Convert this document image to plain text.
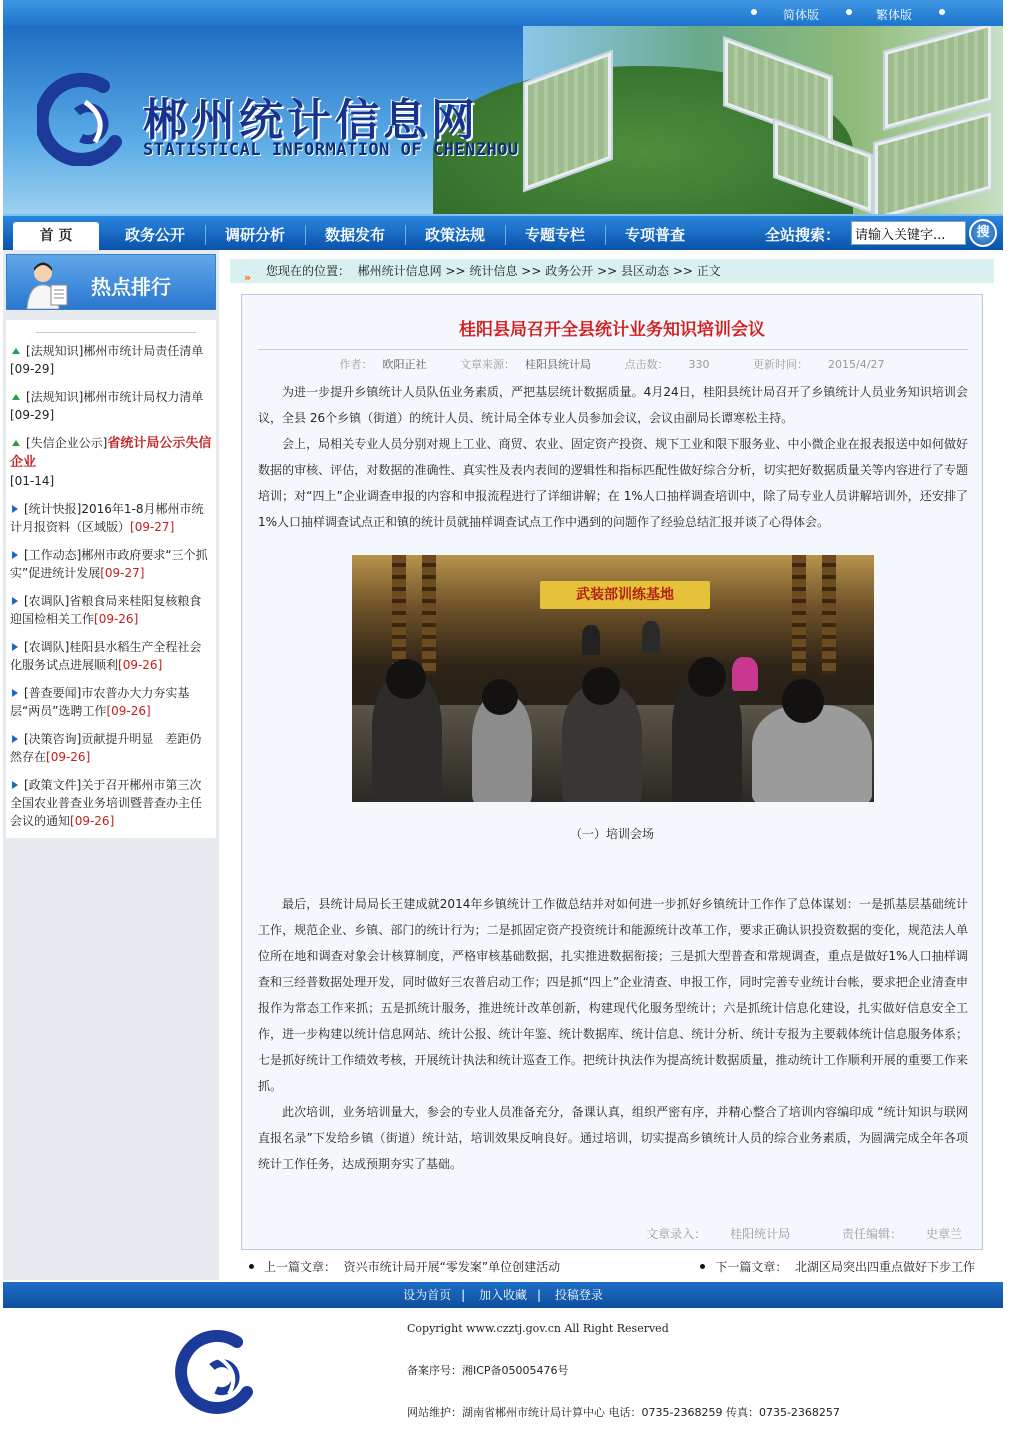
简体版	繁体版
郴州统计信息网
STATISTICAL INFORMATION OF CHENZHOU
首 页	政务公开	调研分析	数据发布	政策法规	专题专栏	专项普查	全站搜索：
请输入关键字...	搜
热点排行
[法规知识]郴州市统计局责任清单
[09-29]
[法规知识]郴州市统计局权力清单
[09-29]
[失信企业公示]省统计局公示失信企业
[01-14]
[统计快报]2016年1-8月郴州市统计月报资料（区域版）[09-27]
[工作动态]郴州市政府要求“三个抓实”促进统计发展[09-27]
[农调队]省粮食局来桂阳复核粮食迎国检相关工作[09-26]
[农调队]桂阳县水稻生产全程社会化服务试点进展顺利[09-26]
[普查要闻]市农普办大力夯实基层“两员”选聘工作[09-26]
[决策咨询]贡献提升明显　差距仍然存在[09-26]
[政策文件]关于召开郴州市第三次全国农业普查业务培训暨普查办主任会议的通知[09-26]
» 您现在的位置： 郴州统计信息网 >> 统计信息 >> 政务公开 >> 县区动态 >> 正文
桂阳县局召开全县统计业务知识培训会议
作者： 欧阳正社	文章来源： 桂阳县统计局	点击数： 330	更新时间： 2015/4/27
为进一步提升乡镇统计人员队伍业务素质，严把基层统计数据质量。4月24日，桂阳县统计局召开了乡镇统计人员业务知识培训会议，全县 26个乡镇（街道）的统计人员、统计局全体专业人员参加会议，会议由副局长谭寒松主持。
会上，局相关专业人员分别对规上工业、商贸、农业、固定资产投资、规下工业和限下服务业、中小微企业在报表报送中如何做好数据的审核、评估，对数据的准确性、真实性及表内表间的逻辑性和指标匹配性做好综合分析，切实把好数据质量关等内容进行了专题培训；对“四上”企业调查申报的内容和申报流程进行了详细讲解；在 1%人口抽样调查培训中，除了局专业人员讲解培训外，还安排了1%人口抽样调查试点正和镇的统计员就抽样调查试点工作中遇到的问题作了经验总结汇报并谈了心得体会。
武装部训练基地
（一）培训会场
最后，县统计局局长王建成就2014年乡镇统计工作做总结并对如何进一步抓好乡镇统计工作作了总体谋划：一是抓基层基础统计工作，规范企业、乡镇、部门的统计行为；二是抓固定资产投资统计和能源统计改革工作，要求正确认识投资数据的变化，规范法人单位所在地和调查对象会计核算制度，严格审核基础数据，扎实推进数据衔接；三是抓大型普查和常规调查，重点是做好1%人口抽样调查和三经普数据处理开发，同时做好三农普启动工作；四是抓“四上”企业清查、申报工作，同时完善专业统计台帐，要求把企业清查申报作为常态工作来抓；五是抓统计服务，推进统计改革创新，构建现代化服务型统计；六是抓统计信息化建设，扎实做好信息安全工作，进一步构建以统计信息网站、统计公报、统计年鉴、统计数据库、统计信息、统计分析、统计专报为主要载体统计信息服务体系；七是抓好统计工作绩效考核，开展统计执法和统计巡查工作。把统计执法作为提高统计数据质量，推动统计工作顺利开展的重要工作来抓。
此次培训，业务培训量大，参会的专业人员准备充分，备课认真，组织严密有序，并精心整合了培训内容编印成 “统计知识与联网直报名录”下发给乡镇（街道）统计站，培训效果反响良好。通过培训，切实提高乡镇统计人员的综合业务素质，为圆满完成全年各项统计工作任务，达成预期夯实了基础。
文章录入： 桂阳统计局	责任编辑： 史章兰
上一篇文章： 资兴市统计局开展“零发案”单位创建活动	下一篇文章： 北湖区局突出四重点做好下步工作
设为首页 | 加入收藏 | 投稿登录
Copyright www.czztj.gov.cn All Right Reserved
备案序号：湘ICP备05005476号
网站维护：湖南省郴州市统计局计算中心 电话：0735-2368259 传真：0735-2368257
